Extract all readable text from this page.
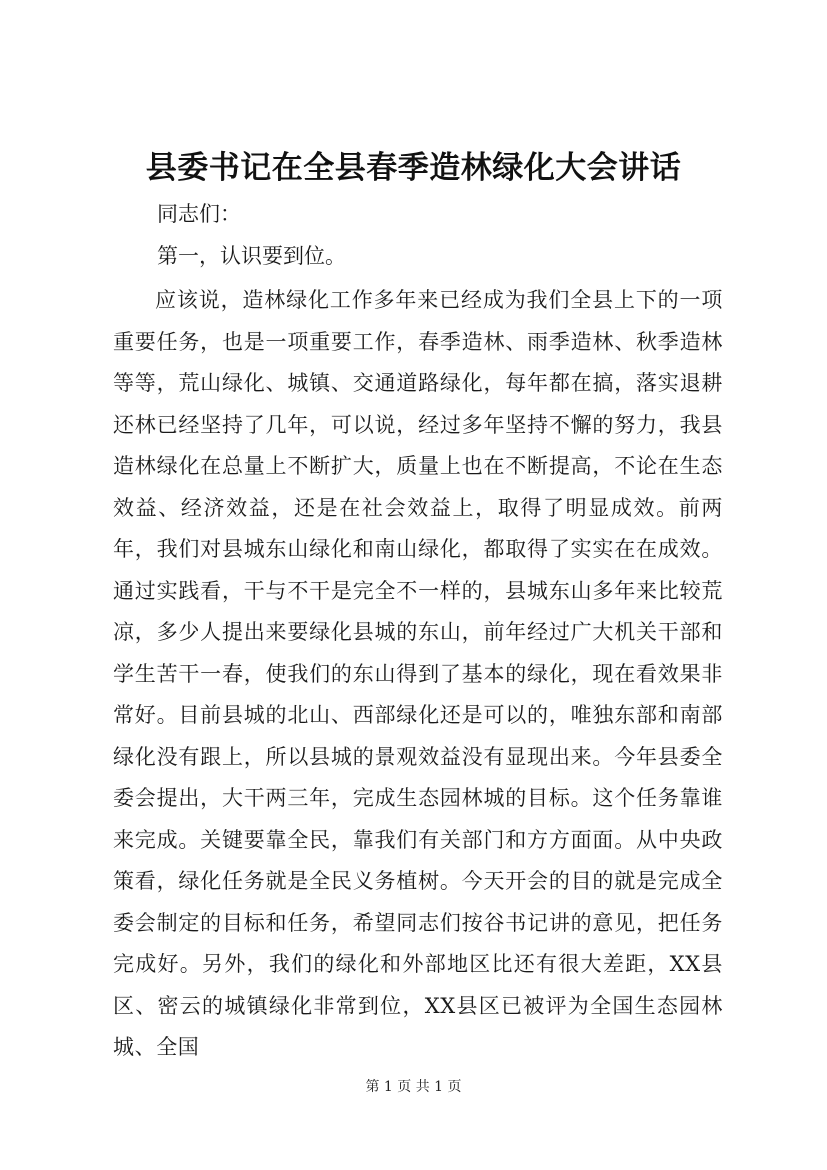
县委书记在全县春季造林绿化大会讲话
同志们：
第一，认识要到位。

应该说，造林绿化工作多年来已经成为我们全县上下的一项重要任务，也是一项重要工作，春季造林、雨季造林、秋季造林等等，荒山绿化、城镇、交通道路绿化，每年都在搞，落实退耕还林已经坚持了几年，可以说，经过多年坚持不懈的努力，我县造林绿化在总量上不断扩大，质量上也在不断提高，不论在生态效益、经济效益，还是在社会效益上，取得了明显成效。前两年，我们对县城东山绿化和南山绿化，都取得了实实在在成效。通过实践看，干与不干是完全不一样的，县城东山多年来比较荒凉，多少人提出来要绿化县城的东山，前年经过广大机关干部和学生苦干一春，使我们的东山得到了基本的绿化，现在看效果非常好。目前县城的北山、西部绿化还是可以的，唯独东部和南部绿化没有跟上，所以县城的景观效益没有显现出来。今年县委全委会提出，大干两三年，完成生态园林城的目标。这个任务靠谁来完成。关键要靠全民，靠我们有关部门和方方面面。从中央政策看，绿化任务就是全民义务植树。今天开会的目的就是完成全委会制定的目标和任务，希望同志们按谷书记讲的意见，把任务完成好。另外，我们的绿化和外部地区比还有很大差距，XX县区、密云的城镇绿化非常到位，XX县区已被评为全国生态园林城、全国

第 1 页 共 1 页
